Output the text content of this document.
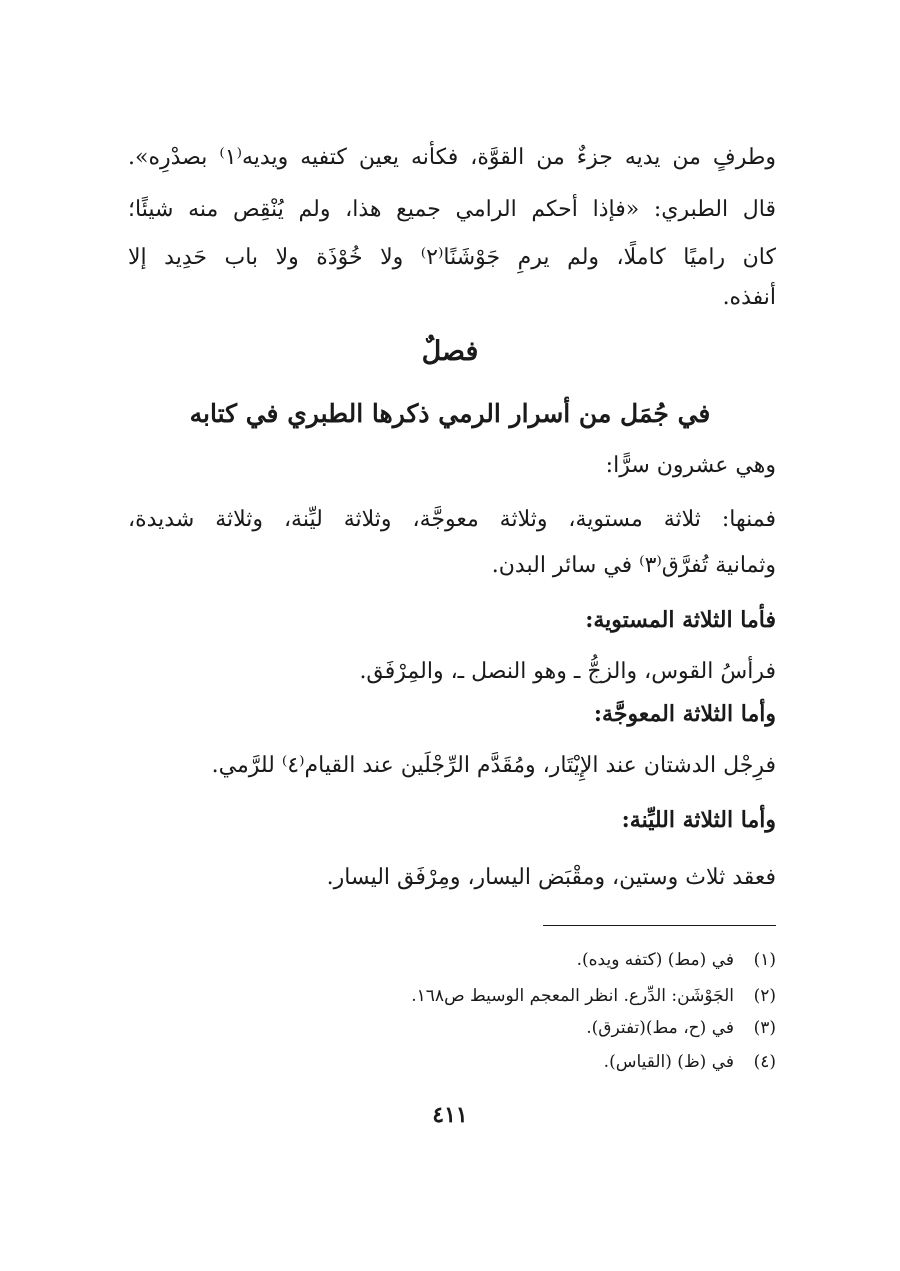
وطرفٍ من يديه جزءٌ من القوَّة، فكأنه يعين كتفيه ويديه⁽١⁾ بصدْرِه».
قال الطبري: «فإذا أحكم الرامي جميع هذا، ولم يُنْقِص منه شيئًا؛
كان راميًا كاملًا، ولم يرمِ جَوْشَنًا⁽٢⁾ ولا خُوْذَة ولا باب حَدِيد إلا
أنفذه.
فصلٌ
في جُمَل من أسرار الرمي ذكرها الطبري في كتابه
وهي عشرون سرًّا:
فمنها: ثلاثة مستوية، وثلاثة معوجَّة، وثلاثة ليِّنة، وثلاثة شديدة،
وثمانية تُفرَّق⁽٣⁾ في سائر البدن.
فأما الثلاثة المستوية:
فرأسُ القوس، والزجُّ ـ وهو النصل ـ، والمِرْفَق.
وأما الثلاثة المعوجَّة:
فرِجْل الدشتان عند الإِيْتَار، ومُقَدَّم الرِّجْلَين عند القيام⁽٤⁾ للرَّمي.
وأما الثلاثة الليِّنة:
فعقد ثلاث وستين، ومقْبَض اليسار، ومِرْفَق اليسار.
(١)في (مط) (كتفه ويده).
(٢)الجَوْشَن: الدِّرع. انظر المعجم الوسيط ص١٦٨.
(٣)في (ح، مط)(تفترق).
(٤)في (ظ) (القياس).
٤١١
